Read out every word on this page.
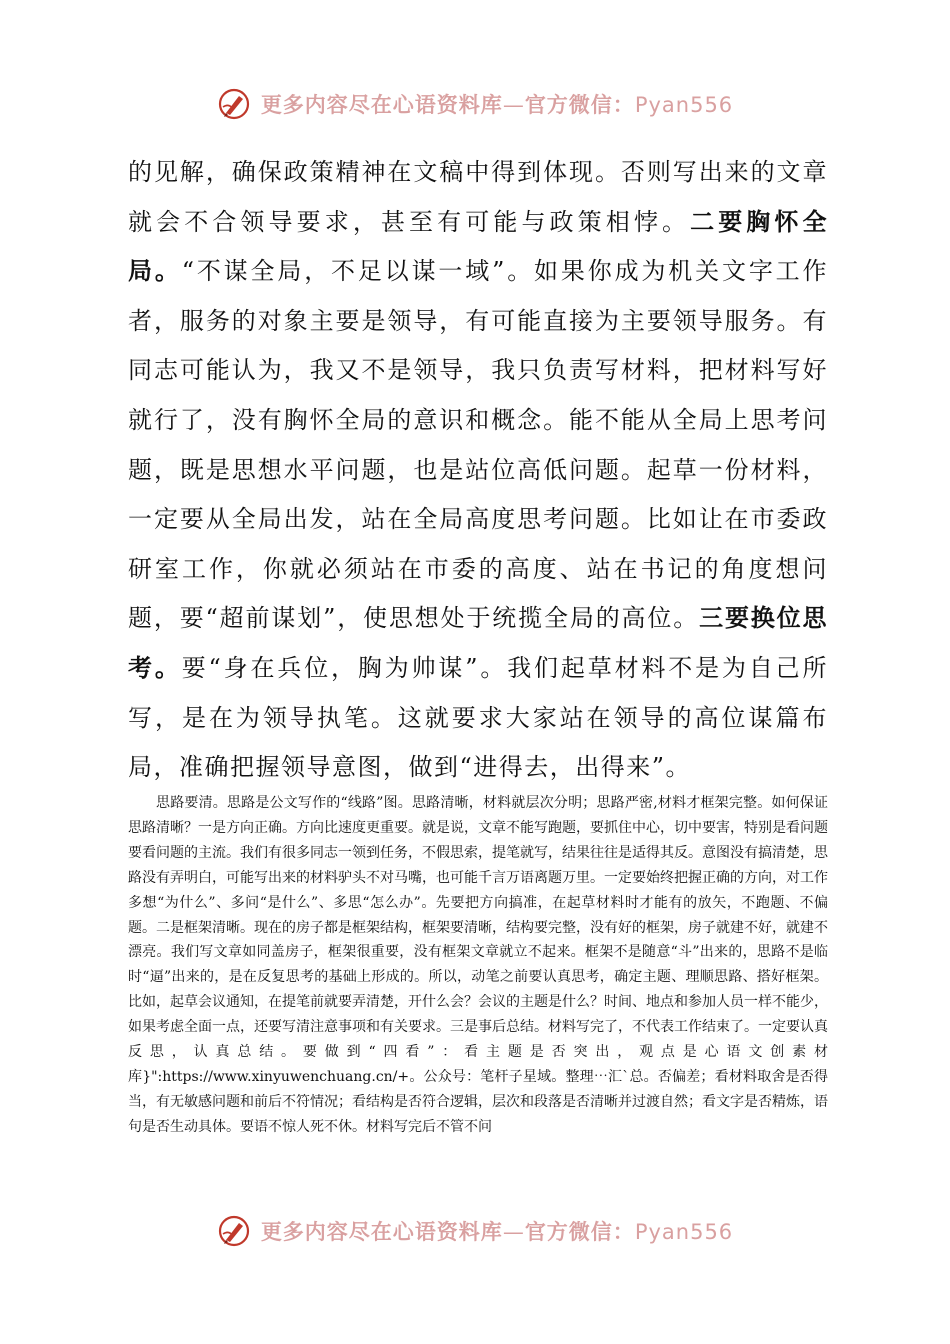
更多内容尽在心语资料库—官方微信：Pyan556
的见解，确保政策精神在文稿中得到体现。否则写出来的文章就会不合领导要求，甚至有可能与政策相悖。二要胸怀全局。“不谋全局，不足以谋一域”。如果你成为机关文字工作者，服务的对象主要是领导，有可能直接为主要领导服务。有同志可能认为，我又不是领导，我只负责写材料，把材料写好就行了，没有胸怀全局的意识和概念。能不能从全局上思考问题，既是思想水平问题，也是站位高低问题。起草一份材料，一定要从全局出发，站在全局高度思考问题。比如让在市委政研室工作，你就必须站在市委的高度、站在书记的角度想问题，要“超前谋划”，使思想处于统揽全局的高位。三要换位思考。要“身在兵位，胸为帅谋”。我们起草材料不是为自己所写，是在为领导执笔。这就要求大家站在领导的高位谋篇布局，准确把握领导意图，做到“进得去，出得来”。
思路要清。思路是公文写作的“线路”图。思路清晰，材料就层次分明；思路严密,材料才框架完整。如何保证思路清晰？一是方向正确。方向比速度更重要。就是说，文章不能写跑题，要抓住中心，切中要害，特别是看问题要看问题的主流。我们有很多同志一领到任务，不假思索，提笔就写，结果往往是适得其反。意图没有搞清楚，思路没有弄明白，可能写出来的材料驴头不对马嘴，也可能千言万语离题万里。一定要始终把握正确的方向，对工作多想“为什么”、多问“是什么”、多思“怎么办”。先要把方向搞准，在起草材料时才能有的放矢，不跑题、不偏题。二是框架清晰。现在的房子都是框架结构，框架要清晰，结构要完整，没有好的框架，房子就建不好，就建不漂亮。我们写文章如同盖房子，框架很重要，没有框架文章就立不起来。框架不是随意“斗”出来的，思路不是临时“逼”出来的，是在反复思考的基础上形成的。所以，动笔之前要认真思考，确定主题、理顺思路、搭好框架。比如，起草会议通知，在提笔前就要弄清楚，开什么会？会议的主题是什么？时间、地点和参加人员一样不能少，如果考虑全面一点，还要写清注意事项和有关要求。三是事后总结。材料写完了，不代表工作结束了。一定要认真反思，认真总结。要做到“四看”：看主题是否突出，观点是心语文创素材库}":https://www.xinyuwenchuang.cn/+。公众号：笔杆子星域。整理⋯汇`总。否偏差；看材料取舍是否得当，有无敏感问题和前后不符情况；看结构是否符合逻辑，层次和段落是否清晰并过渡自然；看文字是否精炼，语句是否生动具体。要语不惊人死不休。材料写完后不管不问
更多内容尽在心语资料库—官方微信：Pyan556
